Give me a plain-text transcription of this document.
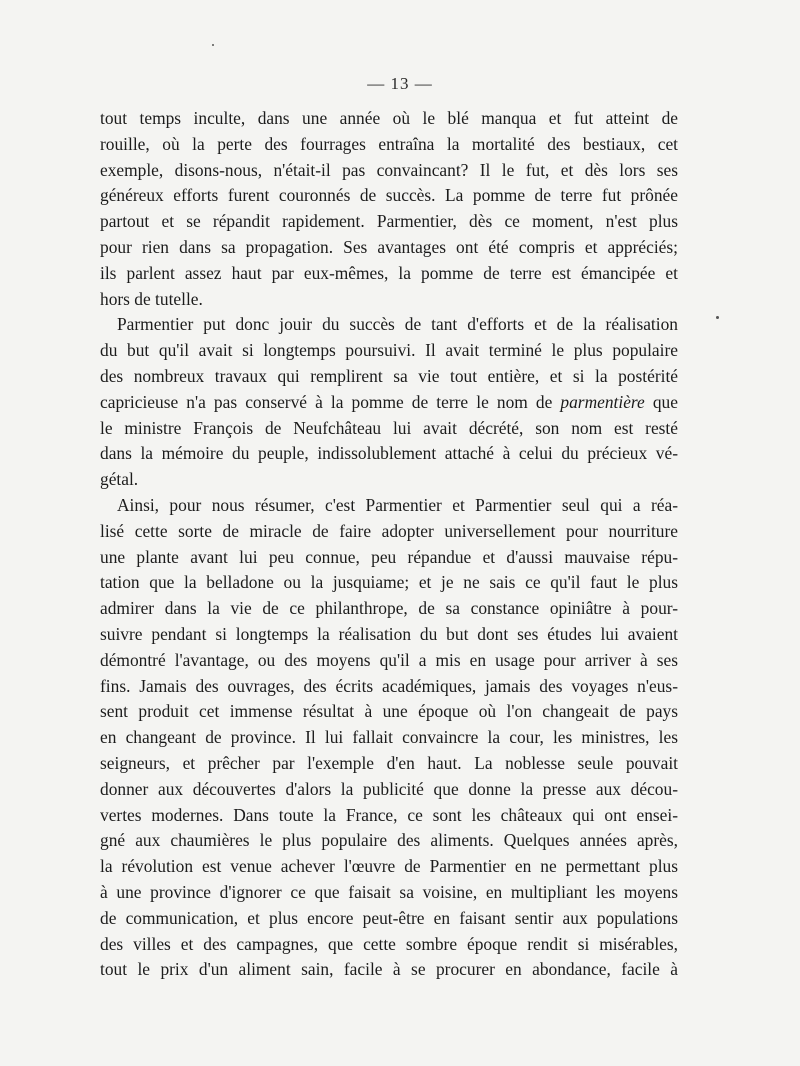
— 13 —

tout temps inculte, dans une année où le blé manqua et fut atteint de
rouille, où la perte des fourrages entraîna la mortalité des bestiaux, cet
exemple, disons-nous, n'était-il pas convaincant? Il le fut, et dès lors ses
généreux efforts furent couronnés de succès. La pomme de terre fut prônée
partout et se répandit rapidement. Parmentier, dès ce moment, n'est plus
pour rien dans sa propagation. Ses avantages ont été compris et appréciés;
ils parlent assez haut par eux-mêmes, la pomme de terre est émancipée et
hors de tutelle.

Parmentier put donc jouir du succès de tant d'efforts et de la réalisation
du but qu'il avait si longtemps poursuivi. Il avait terminé le plus populaire
des nombreux travaux qui remplirent sa vie tout entière, et si la postérité
capricieuse n'a pas conservé à la pomme de terre le nom de parmentière que
le ministre François de Neufchâteau lui avait décrété, son nom est resté
dans la mémoire du peuple, indissolublement attaché à celui du précieux vé-
gétal.

Ainsi, pour nous résumer, c'est Parmentier et Parmentier seul qui a réa-
lisé cette sorte de miracle de faire adopter universellement pour nourriture
une plante avant lui peu connue, peu répandue et d'aussi mauvaise répu-
tation que la belladone ou la jusquiame; et je ne sais ce qu'il faut le plus
admirer dans la vie de ce philanthrope, de sa constance opiniâtre à pour-
suivre pendant si longtemps la réalisation du but dont ses études lui avaient
démontré l'avantage, ou des moyens qu'il a mis en usage pour arriver à ses
fins. Jamais des ouvrages, des écrits académiques, jamais des voyages n'eus-
sent produit cet immense résultat à une époque où l'on changeait de pays
en changeant de province. Il lui fallait convaincre la cour, les ministres, les
seigneurs, et prêcher par l'exemple d'en haut. La noblesse seule pouvait
donner aux découvertes d'alors la publicité que donne la presse aux décou-
vertes modernes. Dans toute la France, ce sont les châteaux qui ont ensei-
gné aux chaumières le plus populaire des aliments. Quelques années après,
la révolution est venue achever l'œuvre de Parmentier en ne permettant plus
à une province d'ignorer ce que faisait sa voisine, en multipliant les moyens
de communication, et plus encore peut-être en faisant sentir aux populations
des villes et des campagnes, que cette sombre époque rendit si misérables,
tout le prix d'un aliment sain, facile à se procurer en abondance, facile à
